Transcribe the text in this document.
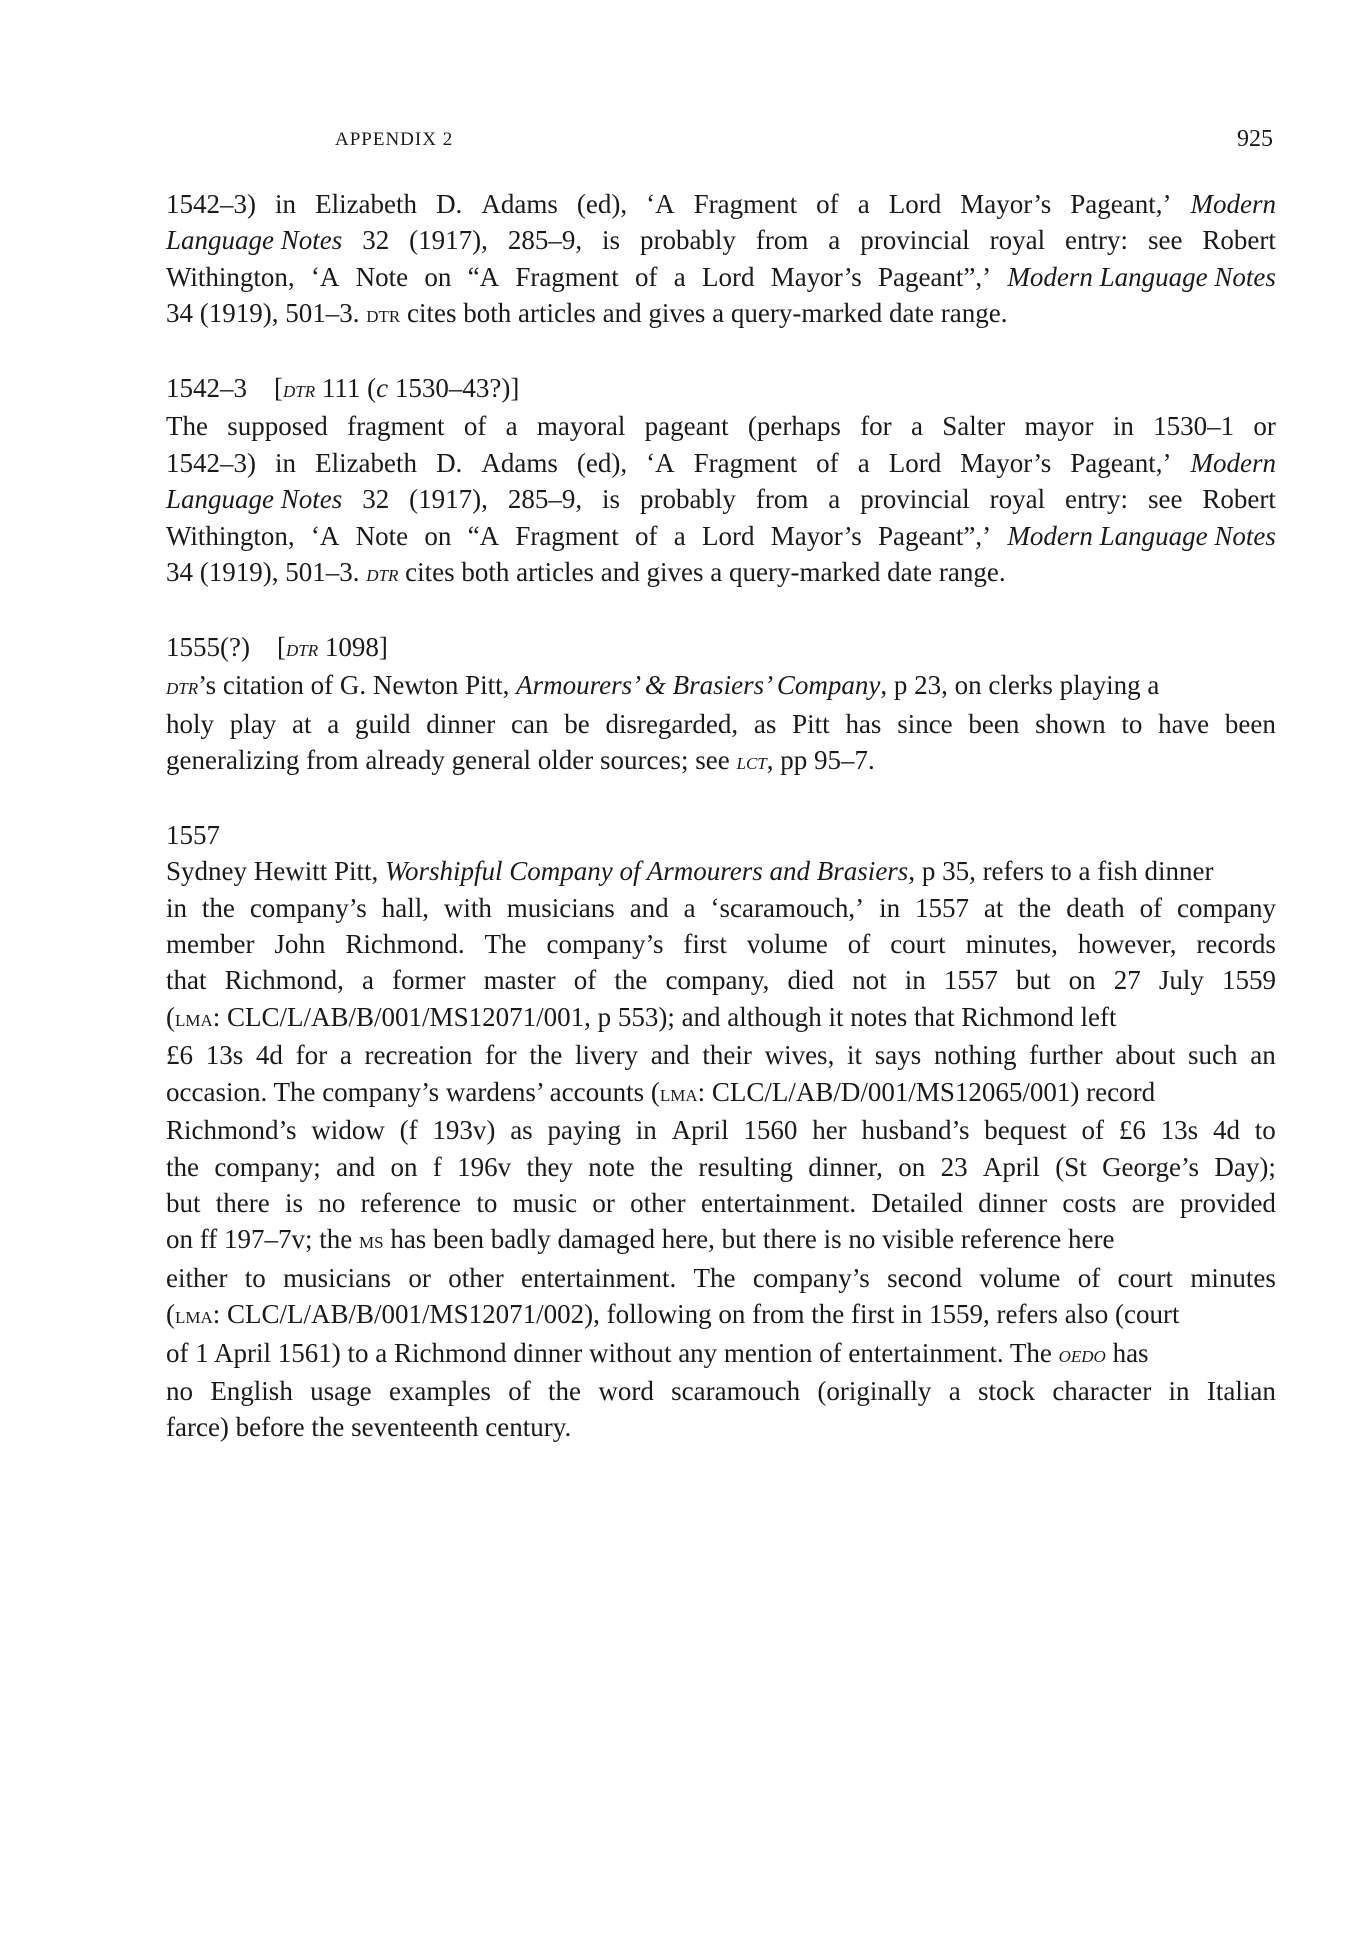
APPENDIX 2	925
1542–3) in Elizabeth D. Adams (ed), ‘A Fragment of a Lord Mayor’s Pageant,’ Modern
Language Notes 32 (1917), 285–9, is probably from a provincial royal entry: see Robert
Withington, ‘A Note on “A Fragment of a Lord Mayor’s Pageant”,’ Modern Language Notes
34 (1919), 501–3. dtr cites both articles and gives a query-marked date range.
1542–3    [dtr 111 (c 1530–43?)]
The supposed fragment of a mayoral pageant (perhaps for a Salter mayor in 1530–1 or
1542–3) in Elizabeth D. Adams (ed), ‘A Fragment of a Lord Mayor’s Pageant,’ Modern
Language Notes 32 (1917), 285–9, is probably from a provincial royal entry: see Robert
Withington, ‘A Note on “A Fragment of a Lord Mayor’s Pageant”,’ Modern Language Notes
34 (1919), 501–3. dtr cites both articles and gives a query-marked date range.
1555(?)    [dtr 1098]
dtr’s citation of G. Newton Pitt, Armourers’ & Brasiers’ Company, p 23, on clerks playing a
holy play at a guild dinner can be disregarded, as Pitt has since been shown to have been
generalizing from already general older sources; see lct, pp 95–7.
1557
Sydney Hewitt Pitt, Worshipful Company of Armourers and Brasiers, p 35, refers to a fish dinner
in the company’s hall, with musicians and a ‘scaramouch,’ in 1557 at the death of company
member John Richmond. The company’s first volume of court minutes, however, records
that Richmond, a former master of the company, died not in 1557 but on 27 July 1559
(lma: CLC/L/AB/B/001/MS12071/001, p 553); and although it notes that Richmond left
£6 13s 4d for a recreation for the livery and their wives, it says nothing further about such an
occasion. The company’s wardens’ accounts (lma: CLC/L/AB/D/001/MS12065/001) record
Richmond’s widow (f 193v) as paying in April 1560 her husband’s bequest of £6 13s 4d to
the company; and on f 196v they note the resulting dinner, on 23 April (St George’s Day);
but there is no reference to music or other entertainment. Detailed dinner costs are provided
on ff 197–7v; the ms has been badly damaged here, but there is no visible reference here
either to musicians or other entertainment. The company’s second volume of court minutes
(lma: CLC/L/AB/B/001/MS12071/002), following on from the first in 1559, refers also (court
of 1 April 1561) to a Richmond dinner without any mention of entertainment. The oedo has
no English usage examples of the word scaramouch (originally a stock character in Italian
farce) before the seventeenth century.
